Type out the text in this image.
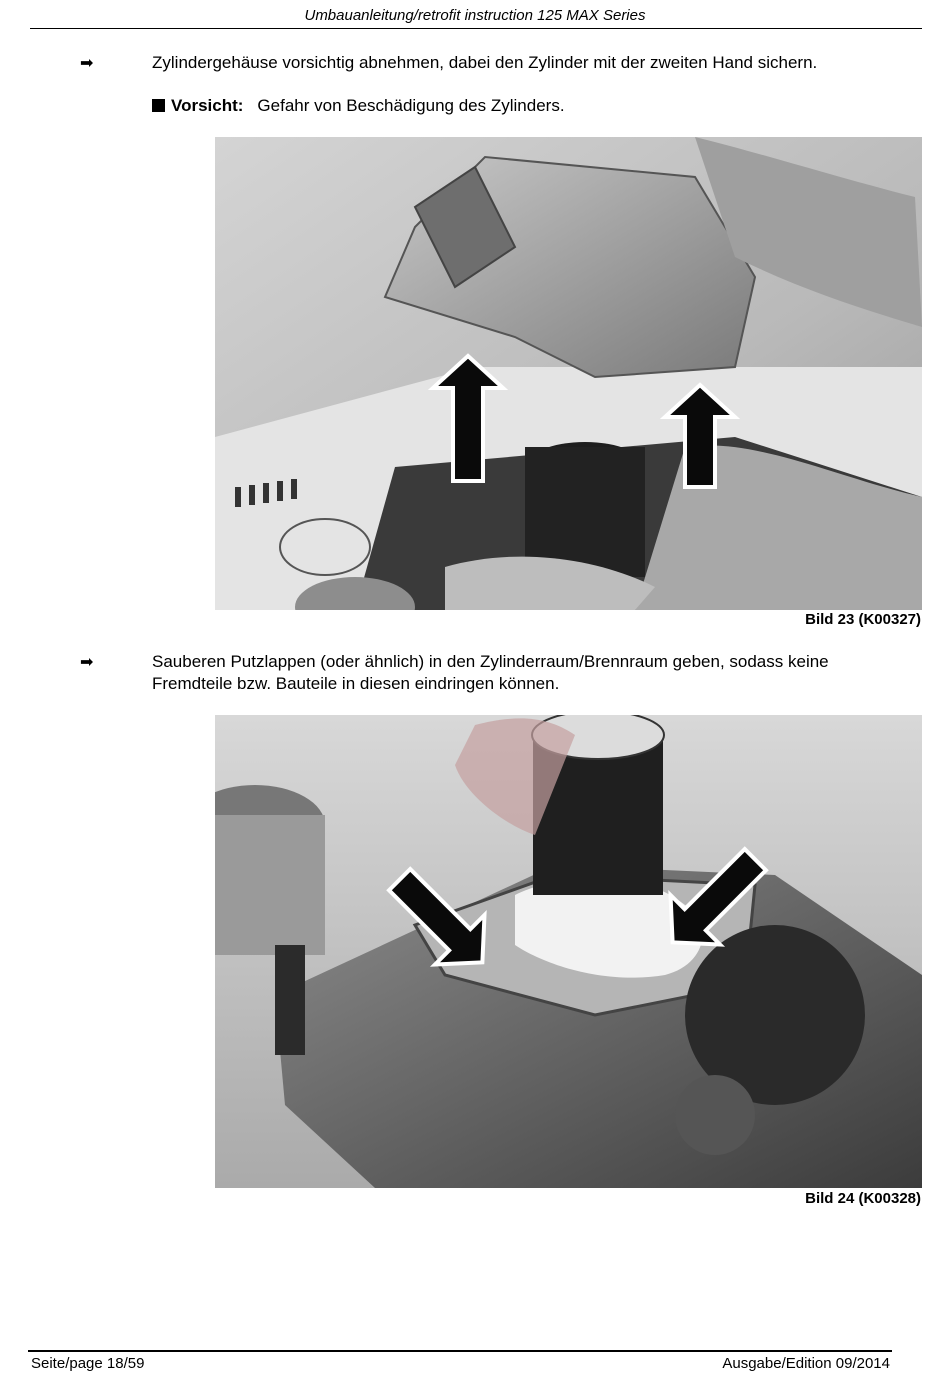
Umbauanleitung/retrofit instruction 125 MAX Series
➡	Zylindergehäuse vorsichtig abnehmen, dabei den Zylinder mit der zweiten Hand sichern.
Vorsicht: Gefahr von Beschädigung des Zylinders.
Bild 23 (K00327)
➡	Sauberen Putzlappen (oder ähnlich) in den Zylinderraum/Brennraum geben, sodass keine Fremdteile bzw. Bauteile in diesen eindringen können.
Bild 24 (K00328)
Seite/page 18/59	Ausgabe/Edition 09/2014
